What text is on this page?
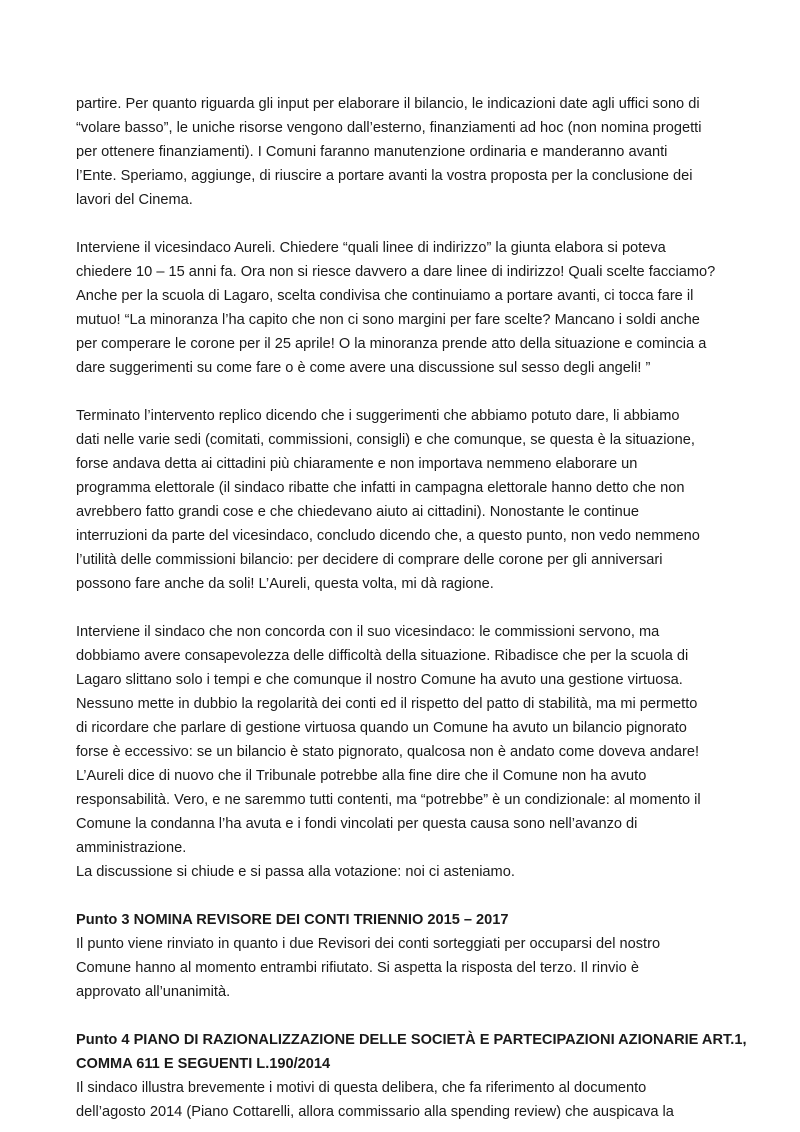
partire. Per quanto riguarda gli input per elaborare il bilancio, le indicazioni date agli uffici sono di
“volare basso”, le uniche risorse vengono dall’esterno, finanziamenti ad hoc (non nomina progetti
per ottenere finanziamenti). I Comuni faranno manutenzione ordinaria e manderanno avanti
l’Ente. Speriamo, aggiunge, di riuscire a portare avanti la vostra proposta per la conclusione dei
lavori del Cinema.

Interviene il vicesindaco Aureli. Chiedere “quali linee di indirizzo” la giunta elabora si poteva
chiedere 10 – 15 anni fa. Ora non si riesce davvero a dare linee di indirizzo! Quali scelte facciamo?
Anche per la scuola di Lagaro, scelta condivisa che continuiamo a portare avanti, ci tocca fare il
mutuo! “La minoranza l’ha capito che non ci sono margini per fare scelte? Mancano i soldi anche
per comperare le corone per il 25 aprile! O la minoranza prende atto della situazione e comincia a
dare suggerimenti su come fare o è come avere una discussione sul sesso degli angeli! ”

Terminato l’intervento replico dicendo che i suggerimenti che abbiamo potuto dare, li abbiamo
dati nelle varie sedi (comitati, commissioni, consigli) e che comunque, se questa è la situazione,
forse andava detta ai cittadini più chiaramente e non importava nemmeno elaborare un
programma elettorale (il sindaco ribatte che infatti in campagna elettorale hanno detto che non
avrebbero fatto grandi cose e che chiedevano aiuto ai cittadini). Nonostante le continue
interruzioni da parte del vicesindaco, concludo dicendo che, a questo punto, non vedo nemmeno
l’utilità delle commissioni bilancio: per decidere di comprare delle corone per gli anniversari
possono fare anche da soli! L’Aureli, questa volta, mi dà ragione.

Interviene il sindaco che non concorda con il suo vicesindaco: le commissioni servono, ma
dobbiamo avere consapevolezza delle difficoltà della situazione. Ribadisce che per la scuola di
Lagaro slittano solo i tempi e che comunque il nostro Comune ha avuto una gestione virtuosa.
Nessuno mette in dubbio la regolarità dei conti ed il rispetto del patto di stabilità, ma mi permetto
di ricordare che parlare di gestione virtuosa quando un Comune ha avuto un bilancio pignorato
forse è eccessivo: se un bilancio è stato pignorato, qualcosa non è andato come doveva andare!
L’Aureli dice di nuovo che il Tribunale potrebbe alla fine dire che il Comune non ha avuto
responsabilità. Vero, e ne saremmo tutti contenti, ma “potrebbe” è un condizionale: al momento il
Comune la condanna l’ha avuta e i fondi vincolati per questa causa sono nell’avanzo di
amministrazione.
La discussione si chiude e si passa alla votazione: noi ci asteniamo.

Punto 3 NOMINA REVISORE DEI CONTI TRIENNIO 2015 – 2017

Il punto viene rinviato in quanto i due Revisori dei conti sorteggiati per occuparsi del nostro
Comune hanno al momento entrambi rifiutato. Si aspetta la risposta del terzo. Il rinvio è
approvato all’unanimità.

Punto 4 PIANO DI RAZIONALIZZAZIONE DELLE SOCIETÀ E PARTECIPAZIONI AZIONARIE ART.1,
COMMA 611 E SEGUENTI L.190/2014

Il sindaco illustra brevemente i motivi di questa delibera, che fa riferimento al documento
dell’agosto 2014 (Piano Cottarelli, allora commissario alla spending review) che auspicava la
